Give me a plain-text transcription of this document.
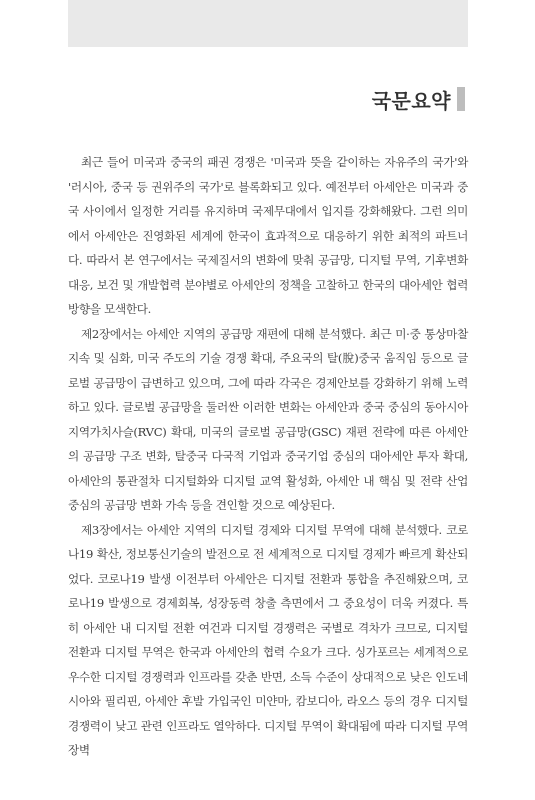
국문요약

최근 들어 미국과 중국의 패권 경쟁은 '미국과 뜻을 같이하는 자유주의 국가'와 '러시아, 중국 등 권위주의 국가'로 블록화되고 있다. 예전부터 아세안은 미국과 중국 사이에서 일정한 거리를 유지하며 국제무대에서 입지를 강화해왔다. 그런 의미에서 아세안은 진영화된 세계에 한국이 효과적으로 대응하기 위한 최적의 파트너다. 따라서 본 연구에서는 국제질서의 변화에 맞춰 공급망, 디지털 무역, 기후변화 대응, 보건 및 개발협력 분야별로 아세안의 정책을 고찰하고 한국의 대아세안 협력 방향을 모색한다.

제2장에서는 아세안 지역의 공급망 재편에 대해 분석했다. 최근 미·중 통상마찰 지속 및 심화, 미국 주도의 기술 경쟁 확대, 주요국의 탈(脫)중국 움직임 등으로 글로벌 공급망이 급변하고 있으며, 그에 따라 각국은 경제안보를 강화하기 위해 노력하고 있다. 글로벌 공급망을 둘러싼 이러한 변화는 아세안과 중국 중심의 동아시아 지역가치사슬(RVC) 확대, 미국의 글로벌 공급망(GSC) 재편 전략에 따른 아세안의 공급망 구조 변화, 탈중국 다국적 기업과 중국기업 중심의 대아세안 투자 확대, 아세안의 통관절차 디지털화와 디지털 교역 활성화, 아세안 내 핵심 및 전략 산업 중심의 공급망 변화 가속 등을 견인할 것으로 예상된다.

제3장에서는 아세안 지역의 디지털 경제와 디지털 무역에 대해 분석했다. 코로나19 확산, 정보통신기술의 발전으로 전 세계적으로 디지털 경제가 빠르게 확산되었다. 코로나19 발생 이전부터 아세안은 디지털 전환과 통합을 추진해왔으며, 코로나19 발생으로 경제회복, 성장동력 창출 측면에서 그 중요성이 더욱 커졌다. 특히 아세안 내 디지털 전환 여건과 디지털 경쟁력은 국별로 격차가 크므로, 디지털 전환과 디지털 무역은 한국과 아세안의 협력 수요가 크다. 싱가포르는 세계적으로 우수한 디지털 경쟁력과 인프라를 갖춘 반면, 소득 수준이 상대적으로 낮은 인도네시아와 필리핀, 아세안 후발 가입국인 미얀마, 캄보디아, 라오스 등의 경우 디지털 경쟁력이 낮고 관련 인프라도 열악하다. 디지털 무역이 확대됨에 따라 디지털 무역장벽
